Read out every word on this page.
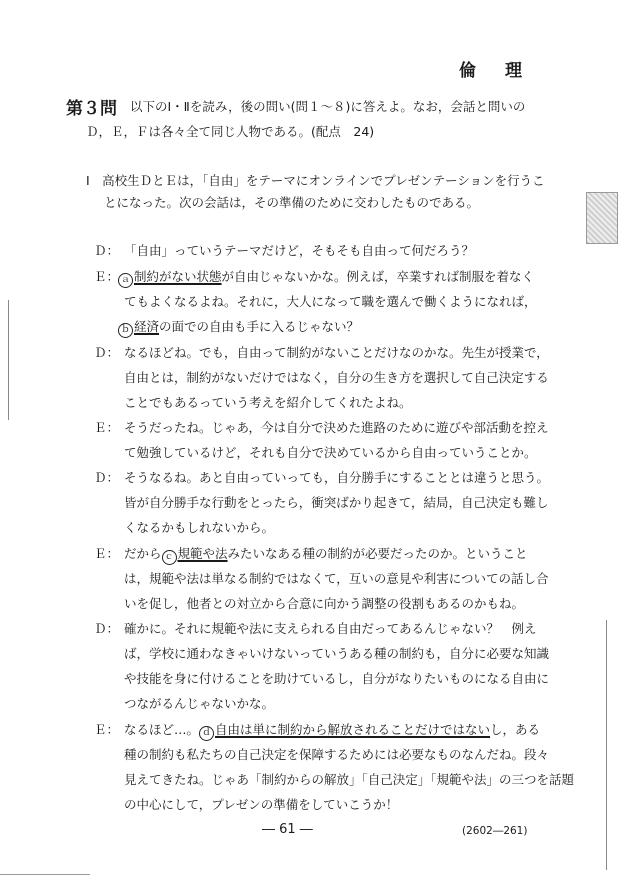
倫　理
第３問 以下のⅠ・Ⅱを読み，後の問い(問１～８)に答えよ。なお，会話と問いの
Ｄ，Ｅ，Ｆは各々全て同じ人物である。(配点　24)
Ⅰ　高校生ＤとＥは，「自由」をテーマにオンラインでプレゼンテーションを行うこ
とになった。次の会話は，その準備のために交わしたものである。
Ｄ： 「自由」っていうテーマだけど，そもそも自由って何だろう？
Ｅ： ａ 制約がない状態が自由じゃないかな。例えば，卒業すれば制服を着なく
てもよくなるよね。それに，大人になって職を選んで働くようになれば，
ｂ 経済の面での自由も手に入るじゃない？
Ｄ： なるほどね。でも，自由って制約がないことだけなのかな。先生が授業で，
自由とは，制約がないだけではなく，自分の生き方を選択して自己決定する
ことでもあるっていう考えを紹介してくれたよね。
Ｅ： そうだったね。じゃあ，今は自分で決めた進路のために遊びや部活動を控え
て勉強しているけど，それも自分で決めているから自由っていうことか。
Ｄ： そうなるね。あと自由っていっても，自分勝手にすることとは違うと思う。
皆が自分勝手な行動をとったら，衝突ばかり起きて，結局，自己決定も難し
くなるかもしれないから。
Ｅ： だから ｃ 規範や法みたいなある種の制約が必要だったのか。ということ
は，規範や法は単なる制約ではなくて，互いの意見や利害についての話し合
いを促し，他者との対立から合意に向かう調整の役割もあるのかもね。
Ｄ： 確かに。それに規範や法に支えられる自由だってあるんじゃない？　例え
ば，学校に通わなきゃいけないっていうある種の制約も，自分に必要な知識
や技能を身に付けることを助けているし，自分がなりたいものになる自由に
つながるんじゃないかな。
Ｅ： なるほど…。 ｄ 自由は単に制約から解放されることだけではないし，ある
種の制約も私たちの自己決定を保障するためには必要なものなんだね。段々
見えてきたね。じゃあ「制約からの解放」「自己決定」「規範や法」の三つを話題
の中心にして，プレゼンの準備をしていこうか！
― 61 ―	(2602―261)
